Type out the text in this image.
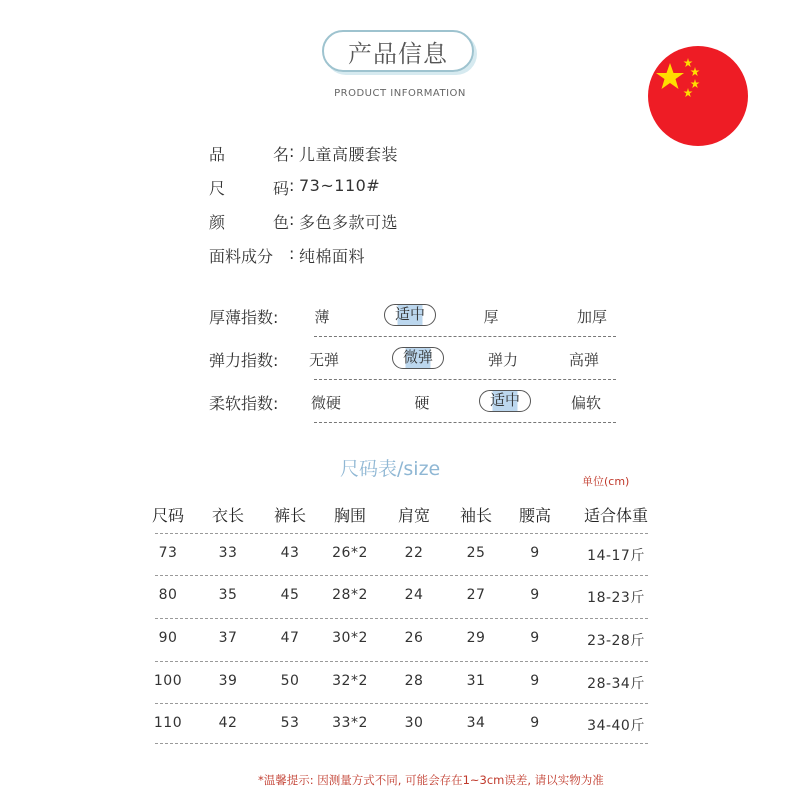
产品信息
PRODUCT INFORMATION
品	名 : 儿童高腰套装
尺	码 : 73~110#
颜	色 : 多色多款可选
面料成分 : 纯棉面料
厚薄指数:	薄	适中	厚	加厚
弹力指数:	无弹	微弹	弹力	高弹
柔软指数:	微硬	硬	适中	偏软
尺码表/size
单位(cm)
尺码	衣长	裤长	胸围	肩宽	袖长	腰高	适合体重
73	33	43	26*2	22	25	9	14-17斤
80	35	45	28*2	24	27	9	18-23斤
90	37	47	30*2	26	29	9	23-28斤
100	39	50	32*2	28	31	9	28-34斤
110	42	53	33*2	30	34	9	34-40斤
*温馨提示: 因测量方式不同, 可能会存在1~3cm误差, 请以实物为准
